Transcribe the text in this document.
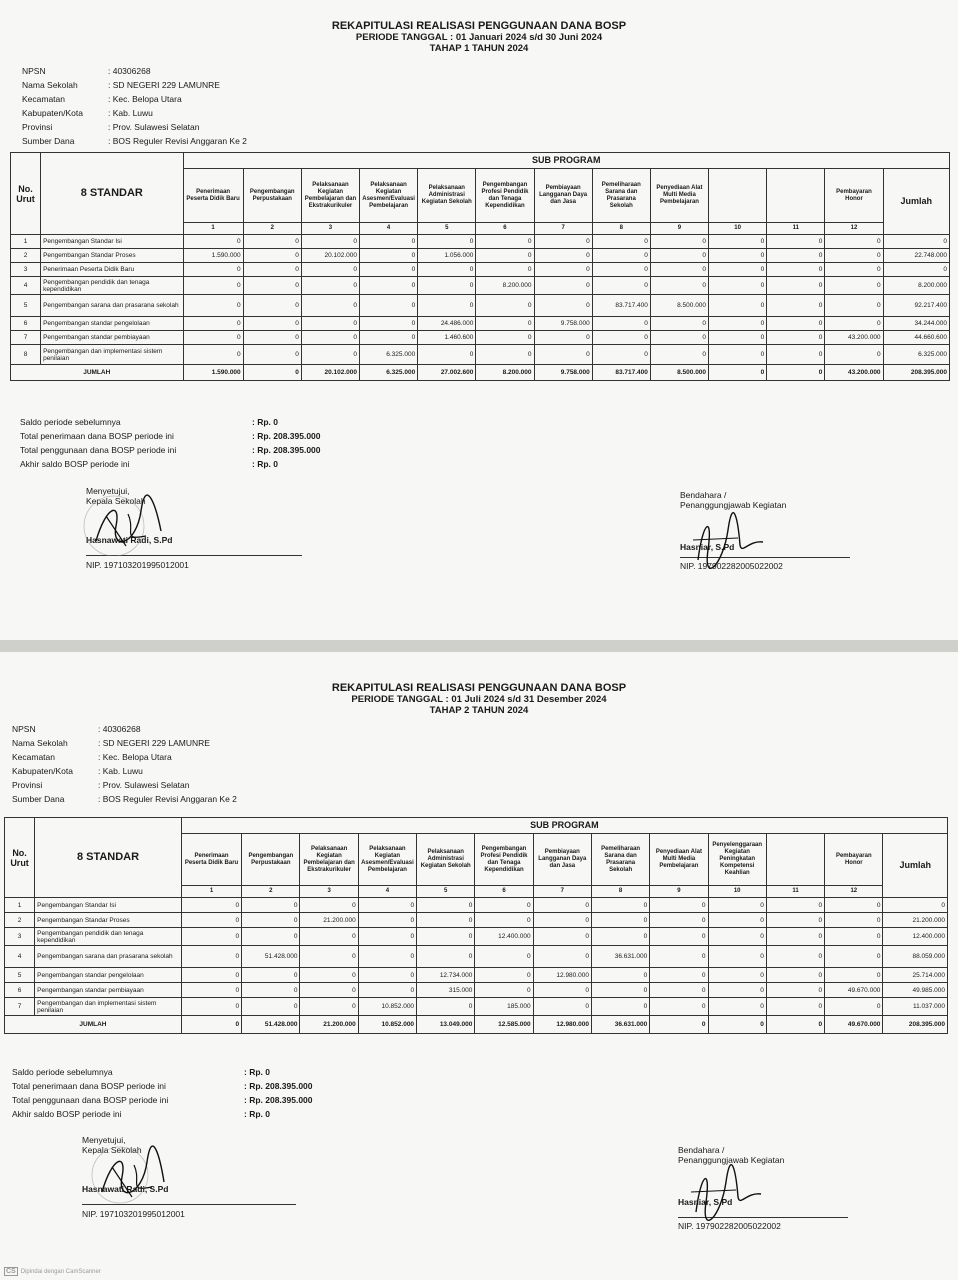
REKAPITULASI REALISASI PENGGUNAAN DANA BOSP
PERIODE TANGGAL : 01 Januari 2024 s/d 30 Juni 2024
TAHAP 1 TAHUN 2024
NPSN	: 40306268
Nama Sekolah	: SD NEGERI 229 LAMUNRE
Kecamatan	: Kec. Belopa Utara
Kabupaten/Kota	: Kab. Luwu
Provinsi	: Prov. Sulawesi Selatan
Sumber Dana	: BOS Reguler Revisi Anggaran Ke 2
No. Urut	8 STANDAR	SUB PROGRAM												
		Penerimaan Peserta Didik Baru	Pengembangan Perpustakaan	Pelaksanaan Kegiatan Pembelajaran dan Ekstrakurikuler	Pelaksanaan Kegiatan Asesmen/Evaluasi Pembelajaran	Pelaksanaan Administrasi Kegiatan Sekolah	Pengembangan Profesi Pendidik dan Tenaga Kependidikan	Pembiayaan Langganan Daya dan Jasa	Pemeliharaan Sarana dan Prasarana Sekolah	Penyediaan Alat Multi Media Pembelajaran			Pembayaran Honor	Jumlah
		1	2	3	4	5	6	7	8	9	10	11	12	
1	Pengembangan Standar Isi	0	0	0	0	0	0	0	0	0	0	0	0	0
2	Pengembangan Standar Proses	1.590.000	0	20.102.000	0	1.056.000	0	0	0	0	0	0	0	22.748.000
3	Penerimaan Peserta Didik Baru	0	0	0	0	0	0	0	0	0	0	0	0	0
4	Pengembangan pendidik dan tenaga kependidikan	0	0	0	0	0	8.200.000	0	0	0	0	0	0	8.200.000
5	Pengembangan sarana dan prasarana sekolah	0	0	0	0	0	0	0	83.717.400	8.500.000	0	0	0	92.217.400
6	Pengembangan standar pengelolaan	0	0	0	0	24.486.000	0	9.758.000	0	0	0	0	0	34.244.000
7	Pengembangan standar pembiayaan	0	0	0	0	1.460.600	0	0	0	0	0	0	43.200.000	44.660.600
8	Pengembangan dan implementasi sistem penilaian	0	0	0	6.325.000	0	0	0	0	0	0	0	0	6.325.000
JUMLAH		1.590.000	0	20.102.000	6.325.000	27.002.600	8.200.000	9.758.000	83.717.400	8.500.000	0	0	43.200.000	208.395.000
Saldo periode sebelumnya	: Rp. 0
Total penerimaan dana BOSP periode ini	: Rp. 208.395.000
Total penggunaan dana BOSP periode ini	: Rp. 208.395.000
Akhir saldo BOSP periode ini	: Rp. 0
Menyetujui,
Kepala Sekolah
Hasnawati Radi, S.Pd
NIP. 197103201995012001
Bendahara /
Penanggungjawab Kegiatan
Hasniar, S.Pd
NIP. 197902282005022002
REKAPITULASI REALISASI PENGGUNAAN DANA BOSP
PERIODE TANGGAL : 01 Juli 2024 s/d 31 Desember 2024
TAHAP 2 TAHUN 2024
NPSN	: 40306268
Nama Sekolah	: SD NEGERI 229 LAMUNRE
Kecamatan	: Kec. Belopa Utara
Kabupaten/Kota	: Kab. Luwu
Provinsi	: Prov. Sulawesi Selatan
Sumber Dana	: BOS Reguler Revisi Anggaran Ke 2
No. Urut	8 STANDAR	SUB PROGRAM												
		Penerimaan Peserta Didik Baru	Pengembangan Perpustakaan	Pelaksanaan Kegiatan Pembelajaran dan Ekstrakurikuler	Pelaksanaan Kegiatan Asesmen/Evaluasi Pembelajaran	Pelaksanaan Administrasi Kegiatan Sekolah	Pengembangan Profesi Pendidik dan Tenaga Kependidikan	Pembiayaan Langganan Daya dan Jasa	Pemeliharaan Sarana dan Prasarana Sekolah	Penyediaan Alat Multi Media Pembelajaran	Penyelenggaraan Kegiatan Peningkatan Kompetensi Keahlian		Pembayaran Honor	Jumlah
		1	2	3	4	5	6	7	8	9	10	11	12	
1	Pengembangan Standar Isi	0	0	0	0	0	0	0	0	0	0	0	0	0
2	Pengembangan Standar Proses	0	0	21.200.000	0	0	0	0	0	0	0	0	0	21.200.000
3	Pengembangan pendidik dan tenaga kependidikan	0	0	0	0	0	12.400.000	0	0	0	0	0	0	12.400.000
4	Pengembangan sarana dan prasarana sekolah	0	51.428.000	0	0	0	0	0	36.631.000	0	0	0	0	88.059.000
5	Pengembangan standar pengelolaan	0	0	0	0	12.734.000	0	12.980.000	0	0	0	0	0	25.714.000
6	Pengembangan standar pembiayaan	0	0	0	0	315.000	0	0	0	0	0	0	49.670.000	49.985.000
7	Pengembangan dan implementasi sistem penilaian	0	0	0	10.852.000	0	185.000	0	0	0	0	0	0	11.037.000
JUMLAH		0	51.428.000	21.200.000	10.852.000	13.049.000	12.585.000	12.980.000	36.631.000	0	0	0	49.670.000	208.395.000
Saldo periode sebelumnya	: Rp. 0
Total penerimaan dana BOSP periode ini	: Rp. 208.395.000
Total penggunaan dana BOSP periode ini	: Rp. 208.395.000
Akhir saldo BOSP periode ini	: Rp. 0
Menyetujui,
Kepala Sekolah
Hasnawati Radi, S.Pd
NIP. 197103201995012001
Bendahara /
Penanggungjawab Kegiatan
Hasniar, S.Pd
NIP. 197902282005022002
CS Dipindai dengan CamScanner
